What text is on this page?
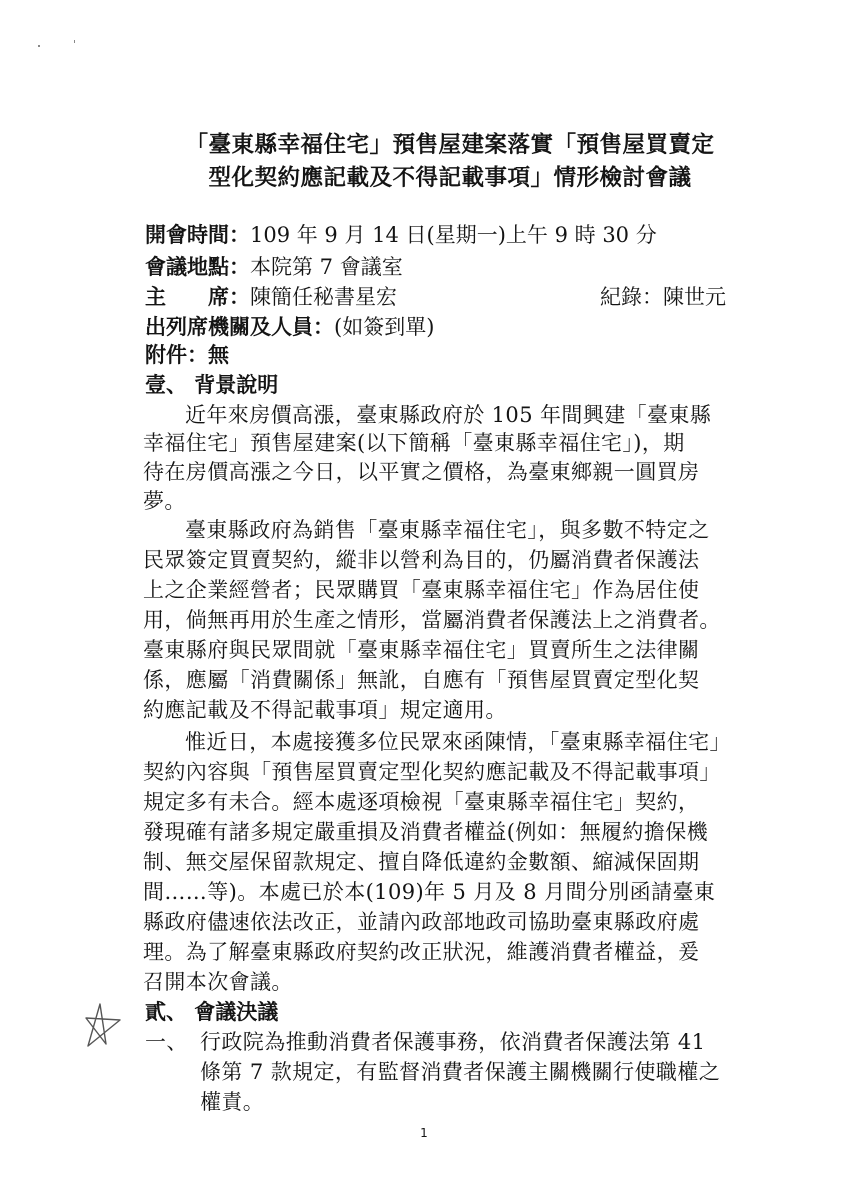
「臺東縣幸福住宅」預售屋建案落實「預售屋買賣定
型化契約應記載及不得記載事項」情形檢討會議
開會時間：109 年 9 月 14 日(星期一)上午 9 時 30 分
會議地點：本院第 7 會議室
主　　席：陳簡任秘書星宏	紀錄：陳世元
出列席機關及人員：(如簽到單)
附件：無
壹、 背景說明
近年來房價高漲，臺東縣政府於 105 年間興建「臺東縣
幸福住宅」預售屋建案(以下簡稱「臺東縣幸福住宅」)，期
待在房價高漲之今日，以平實之價格，為臺東鄉親一圓買房
夢。
臺東縣政府為銷售「臺東縣幸福住宅」，與多數不特定之
民眾簽定買賣契約，縱非以營利為目的，仍屬消費者保護法
上之企業經營者；民眾購買「臺東縣幸福住宅」作為居住使
用，倘無再用於生產之情形，當屬消費者保護法上之消費者。
臺東縣府與民眾間就「臺東縣幸福住宅」買賣所生之法律關
係，應屬「消費關係」無訛，自應有「預售屋買賣定型化契
約應記載及不得記載事項」規定適用。
惟近日，本處接獲多位民眾來函陳情，「臺東縣幸福住宅」
契約內容與「預售屋買賣定型化契約應記載及不得記載事項」
規定多有未合。經本處逐項檢視「臺東縣幸福住宅」契約，
發現確有諸多規定嚴重損及消費者權益(例如：無履約擔保機
制、無交屋保留款規定、擅自降低違約金數額、縮減保固期
間……等)。本處已於本(109)年 5 月及 8 月間分別函請臺東
縣政府儘速依法改正，並請內政部地政司協助臺東縣政府處
理。為了解臺東縣政府契約改正狀況，維護消費者權益，爰
召開本次會議。
貳、 會議決議
一、 行政院為推動消費者保護事務，依消費者保護法第 41
條第 7 款規定，有監督消費者保護主關機關行使職權之
權責。
1
